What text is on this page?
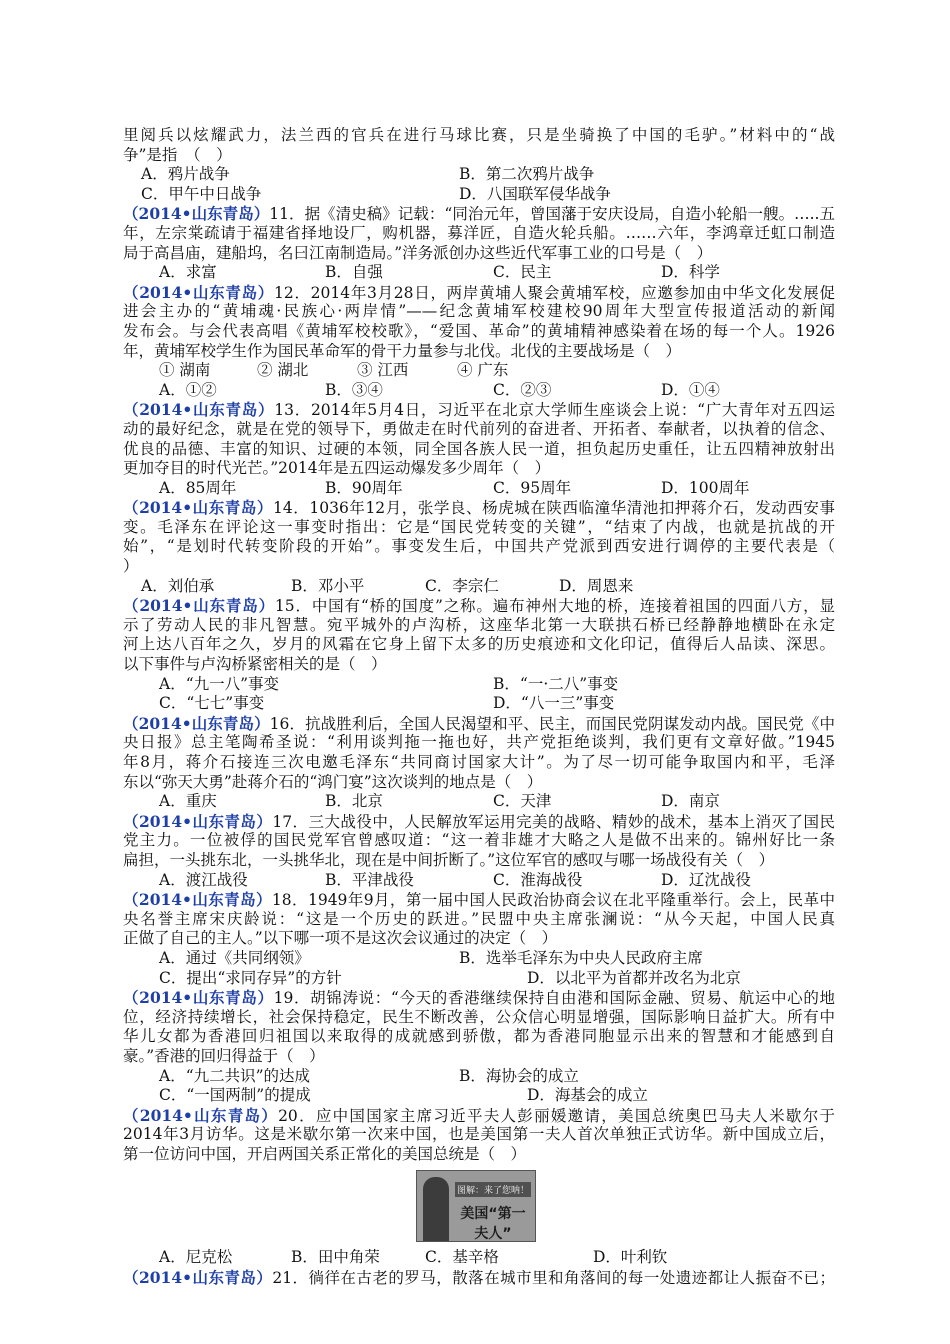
里阅兵以炫耀武力，法兰西的官兵在进行马球比赛，只是坐骑换了中国的毛驴。”材料中的“战
争”是指　（　）
A．鸦片战争	B．第二次鸦片战争
C．甲午中日战争	D．八国联军侵华战争
（2014•山东青岛）11．据《清史稿》记载：“同治元年，曾国藩于安庆设局，自造小轮船一艘。…..五
年，左宗棠疏请于福建省择地设厂，购机器，募洋匠，自造火轮兵船。……六年，李鸿章迁虹口制造
局于高昌庙，建船坞，名曰江南制造局。”洋务派创办这些近代军事工业的口号是（　）
A．求富	B．自强	C．民主	D．科学
（2014•山东青岛）12．2014年3月28日，两岸黄埔人聚会黄埔军校，应邀参加由中华文化发展促
进会主办的“黄埔魂·民族心·两岸情”——纪念黄埔军校建校90周年大型宣传报道活动的新闻
发布会。与会代表高唱《黄埔军校校歌》，“爱国、革命”的黄埔精神感染着在场的每一个人。1926
年，黄埔军校学生作为国民革命军的骨干力量参与北伐。北伐的主要战场是（　）
① 湖南	② 湖北	③ 江西	④ 广东
A．①②	B．③④	C．②③	D．①④
（2014•山东青岛）13．2014年5月4日，习近平在北京大学师生座谈会上说：“广大青年对五四运
动的最好纪念，就是在党的领导下，勇做走在时代前列的奋进者、开拓者、奉献者，以执着的信念、
优良的品德、丰富的知识、过硬的本领，同全国各族人民一道，担负起历史重任，让五四精神放射出
更加夺目的时代光芒。”2014年是五四运动爆发多少周年（　）
A．85周年	B．90周年	C．95周年	D．100周年
（2014•山东青岛）14．1036年12月，张学良、杨虎城在陕西临潼华清池扣押蒋介石，发动西安事
变。毛泽东在评论这一事变时指出：它是“国民党转变的关键”，“结束了内战，也就是抗战的开
始”，“是划时代转变阶段的开始”。事变发生后，中国共产党派到西安进行调停的主要代表是（
）
A．刘伯承	B．邓小平	C．李宗仁	D．周恩来
（2014•山东青岛）15．中国有“桥的国度”之称。遍布神州大地的桥，连接着祖国的四面八方，显
示了劳动人民的非凡智慧。宛平城外的卢沟桥，这座华北第一大联拱石桥已经静静地横卧在永定
河上达八百年之久，岁月的风霜在它身上留下太多的历史痕迹和文化印记，值得后人品读、深思。
以下事件与卢沟桥紧密相关的是（　）
A．“九一八”事变	B．“一·二八”事变
C．“七七”事变	D．“八一三”事变
（2014•山东青岛）16．抗战胜利后，全国人民渴望和平、民主，而国民党阴谋发动内战。国民党《中
央日报》总主笔陶希圣说：“利用谈判拖一拖也好，共产党拒绝谈判，我们更有文章好做。”1945
年8月，蒋介石接连三次电邀毛泽东“共同商讨国家大计”。为了尽一切可能争取国内和平，毛泽
东以“弥天大勇”赴蒋介石的“鸿门宴”这次谈判的地点是（　）
A．重庆	B．北京	C．天津	D．南京
（2014•山东青岛）17．三大战役中，人民解放军运用完美的战略、精妙的战术，基本上消灭了国民
党主力。一位被俘的国民党军官曾感叹道：“这一着非雄才大略之人是做不出来的。锦州好比一条
扁担，一头挑东北，一头挑华北，现在是中间折断了。”这位军官的感叹与哪一场战役有关（　）
A．渡江战役	B．平津战役	C．淮海战役	D．辽沈战役
（2014•山东青岛）18．1949年9月，第一届中国人民政治协商会议在北平隆重举行。会上，民革中
央名誉主席宋庆龄说：“这是一个历史的跃进。”民盟中央主席张澜说：“从今天起，中国人民真
正做了自己的主人。”以下哪一项不是这次会议通过的决定（　）
A．通过《共同纲领》	B．选举毛泽东为中央人民政府主席
C．提出“求同存异”的方针	D．以北平为首都并改名为北京
（2014•山东青岛）19．胡锦涛说：“今天的香港继续保持自由港和国际金融、贸易、航运中心的地
位，经济持续增长，社会保持稳定，民生不断改善，公众信心明显增强，国际影响日益扩大。所有中
华儿女都为香港回归祖国以来取得的成就感到骄傲，都为香港同胞显示出来的智慧和才能感到自
豪。”香港的回归得益于（　）
A．“九二共识”的达成	B．海协会的成立
C．“一国两制”的提成	D．海基会的成立
（2014•山东青岛）20．应中国国家主席习近平夫人彭丽媛邀请，美国总统奥巴马夫人米歇尔于
2014年3月访华。这是米歇尔第一次来中国，也是美国第一夫人首次单独正式访华。新中国成立后，
第一位访问中国，开启两国关系正常化的美国总统是（　）
图解：来了您呐！
美国“第一夫人”
A．尼克松	B．田中角荣	C．基辛格	D．叶利钦
（2014•山东青岛）21．徜徉在古老的罗马，散落在城市里和角落间的每一处遗迹都让人振奋不已；
